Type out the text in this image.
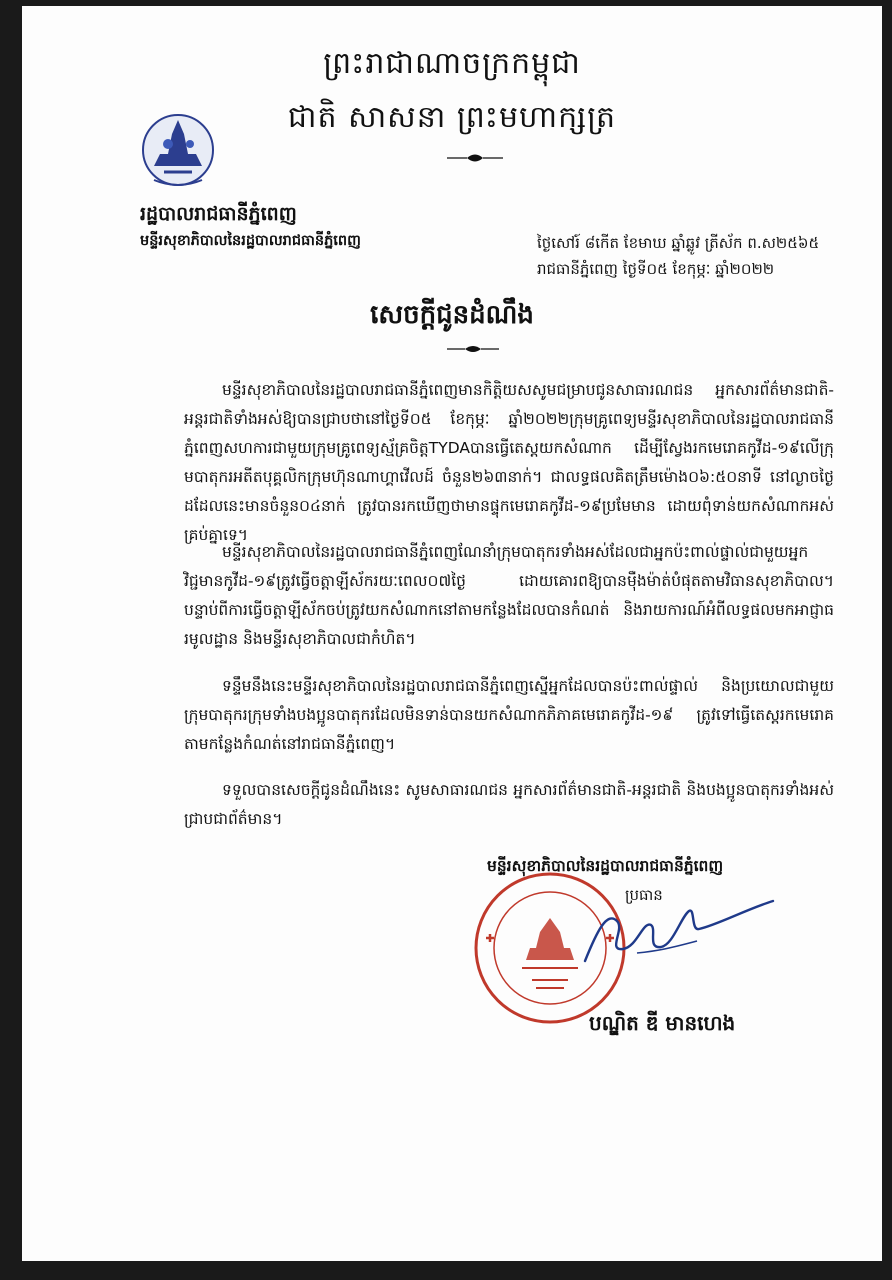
ព្រះរាជាណាចក្រកម្ពុជា
ជាតិ សាសនា ព្រះមហាក្សត្រ
រដ្ឋបាលរាជធានីភ្នំពេញ
មន្ទីរសុខាភិបាលនៃរដ្ឋបាលរាជធានីភ្នំពេញ	ថ្ងៃសៅរ៍ ៨កើត ខែមាឃ ឆ្នាំឆ្លូវ ត្រីស័ក ព.ស២៥៦៥
រាជធានីភ្នំពេញ ថ្ងៃទី០៥ ខែកុម្ភៈ ឆ្នាំ២០២២
សេចក្តីជូនដំណឹង
មន្ទីរសុខាភិបាលនៃរដ្ឋបាលរាជធានីភ្នំពេញមានកិត្តិយសសូមជម្រាបជូនសាធារណជន អ្នកសារព័ត៌មានជាតិ-អន្តរជាតិទាំងអស់ឱ្យបានជ្រាបថានៅថ្ងៃទី០៥ ខែកុម្ភៈ ឆ្នាំ២០២២ក្រុមគ្រូពេទ្យមន្ទីរសុខាភិបាលនៃរដ្ឋបាលរាជធានីភ្នំពេញសហការជាមួយក្រុមគ្រូពេទ្យស្ម័គ្រចិត្តTYDAបានធ្វើតេស្តយកសំណាក ដើម្បីស្វែងរកមេរោគកូវីដ-១៩លើក្រុមបាតុករអតីតបុគ្គលិកក្រុមហ៊ុនណាហ្គាវើលដ៍ ចំនួន២៦៣នាក់។ ជាលទ្ធផលគិតត្រឹមម៉ោង០៦:៥០នាទី នៅល្ងាចថ្ងៃដដែលនេះមានចំនួន០៤នាក់ ត្រូវបានរកឃើញថាមានផ្ទុកមេរោគកូវីដ-១៩ប្រមែមាន ដោយពុំទាន់យកសំណាកអស់គ្រប់គ្នាទេ។
មន្ទីរសុខាភិបាលនៃរដ្ឋបាលរាជធានីភ្នំពេញណែនាំក្រុមបាតុករទាំងអស់ដែលជាអ្នកប៉ះពាល់ផ្ទាល់ជាមួយអ្នកវិជ្ជមានកូវីដ-១៩ត្រូវធ្វើចត្តាឡីស័ករយៈពេល០៧ថ្ងៃ ដោយគោរពឱ្យបានម៉ឺងម៉ាត់បំផុតតាមវិធានសុខាភិបាល។ បន្ទាប់ពីការធ្វើចត្តាឡីស័កចប់ត្រូវយកសំណាកនៅតាមកន្លែងដែលបានកំណត់ និងរាយការណ៍អំពីលទ្ធផលមកអាជ្ញាធរមូលដ្ឋាន និងមន្ទីរសុខាភិបាលជាកំហិត។
ទន្ទឹមនឹងនេះមន្ទីរសុខាភិបាលនៃរដ្ឋបាលរាជធានីភ្នំពេញស្នើអ្នកដែលបានប៉ះពាល់ផ្ទាល់ និងប្រយោលជាមួយក្រុមបាតុករក្រុមទាំងបងប្អូនបាតុករដែលមិនទាន់បានយកសំណាកភិភាគមេរោគកូវីដ-១៩ ត្រូវទៅធ្វើតេស្តរកមេរោគតាមកន្លែងកំណត់នៅរាជធានីភ្នំពេញ។
ទទួលបានសេចក្តីជូនដំណឹងនេះ សូមសាធារណជន អ្នកសារព័ត៌មានជាតិ-អន្តរជាតិ និងបងប្អូនបាតុករទាំងអស់ ជ្រាបជាព័ត៌មាន។
មន្ទីរសុខាភិបាលនៃរដ្ឋបាលរាជធានីភ្នំពេញ
ប្រធាន
បណ្ឌិត ឌី មានហេង
